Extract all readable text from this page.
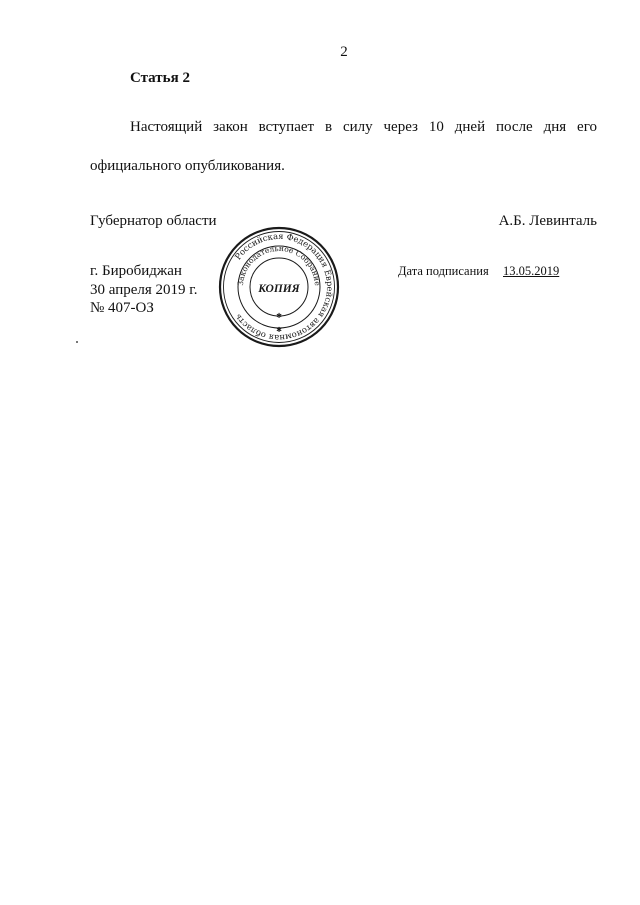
2
Статья 2
Настоящий закон вступает в силу через 10 дней после дня его
официального опубликования.
Губернатор области	А.Б. Левинталь
г. Биробиджан
30 апреля 2019 г.
№ 407-ОЗ
Дата подписания 13.05.2019
Российская Федерация Еврейская автономная область
Законодательное Собрание
КОПИЯ
✱
✱
